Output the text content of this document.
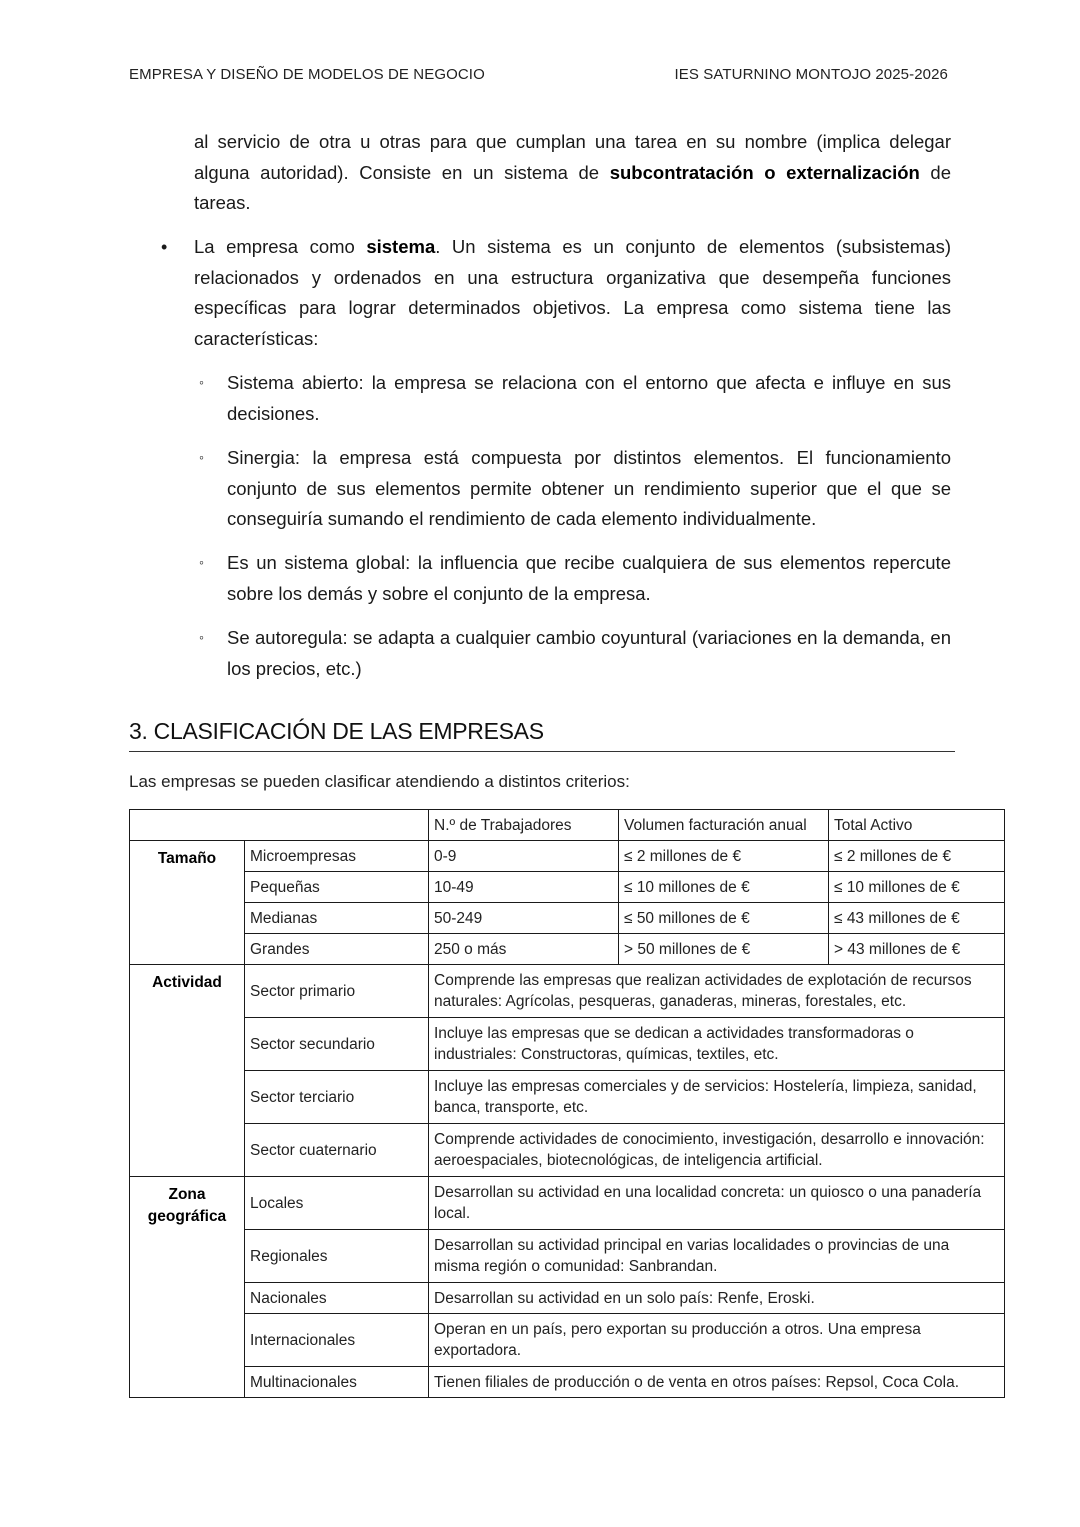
EMPRESA Y DISEÑO DE MODELOS DE NEGOCIO	IES SATURNINO MONTOJO 2025-2026
al servicio de otra u otras para que cumplan una tarea en su nombre (implica delegar alguna autoridad). Consiste en un sistema de subcontratación o externalización de tareas.
• La empresa como sistema. Un sistema es un conjunto de elementos (subsistemas) relacionados y ordenados en una estructura organizativa que desempeña funciones específicas para lograr determinados objetivos. La empresa como sistema tiene las características:
◦ Sistema abierto: la empresa se relaciona con el entorno que afecta e influye en sus decisiones.
◦ Sinergia: la empresa está compuesta por distintos elementos. El funcionamiento conjunto de sus elementos permite obtener un rendimiento superior que el que se conseguiría sumando el rendimiento de cada elemento individualmente.
◦ Es un sistema global: la influencia que recibe cualquiera de sus elementos repercute sobre los demás y sobre el conjunto de la empresa.
◦ Se autoregula: se adapta a cualquier cambio coyuntural (variaciones en la demanda, en los precios, etc.)
3. CLASIFICACIÓN DE LAS EMPRESAS
Las empresas se pueden clasificar atendiendo a distintos criterios:
		N.º de Trabajadores	Volumen facturación anual	Total Activo
Tamaño	Microempresas	0-9	≤ 2 millones de €	≤ 2 millones de €
	Pequeñas	10-49	≤ 10 millones de €	≤ 10 millones de €
	Medianas	50-249	≤ 50 millones de €	≤ 43 millones de €
	Grandes	250 o más	> 50 millones de €	> 43 millones de €
Actividad	Sector primario	Comprende las empresas que realizan actividades de explotación de recursos naturales: Agrícolas, pesqueras, ganaderas, mineras, forestales, etc.		
	Sector secundario	Incluye las empresas que se dedican a actividades transformadoras o industriales: Constructoras, químicas, textiles, etc.		
	Sector terciario	Incluye las empresas comerciales y de servicios: Hostelería, limpieza, sanidad, banca, transporte, etc.		
	Sector cuaternario	Comprende actividades de conocimiento, investigación, desarrollo e innovación: aeroespaciales, biotecnológicas, de inteligencia artificial.		
Zona
geográfica	Locales	Desarrollan su actividad en una localidad concreta: un quiosco o una panadería local.		
	Regionales	Desarrollan su actividad principal en varias localidades o provincias de una misma región o comunidad: Sanbrandan.		
	Nacionales	Desarrollan su actividad en un solo país: Renfe, Eroski.		
	Internacionales	Operan en un país, pero exportan su producción a otros. Una empresa exportadora.		
	Multinacionales	Tienen filiales de producción o de venta en otros países: Repsol, Coca Cola.		
